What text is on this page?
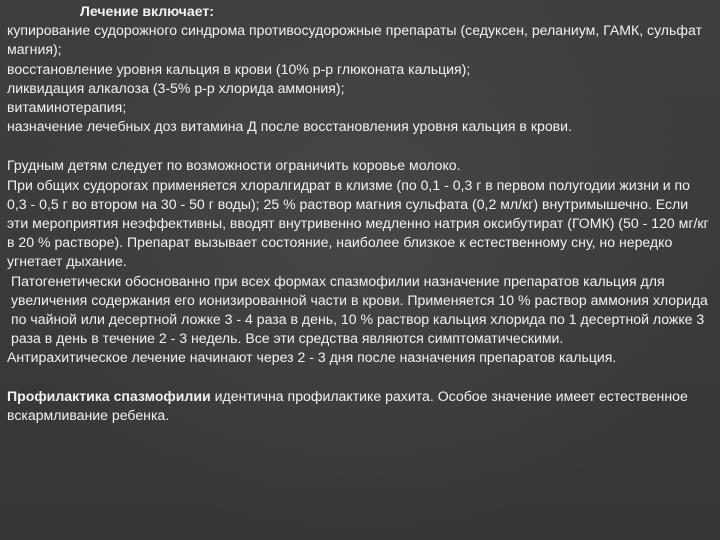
Лечение включает:

купирование судорожного синдрома противосудорожные препараты (седуксен, реланиум, ГАМК, сульфат магния);

восстановление уровня кальция в крови (10% р-р глюконата кальция);

ликвидация алкалоза (3-5% р-р хлорида аммония);

витаминотерапия;

назначение лечебных доз витамина Д после восстановления уровня кальция в крови.

Грудным детям следует по возможности ограничить коровье молоко.

При общих судорогах применяется хлоралгидрат в клизме (по 0,1 - 0,3 г в первом полугодии жизни и по 0,3 - 0,5 г во втором на 30 - 50 г воды); 25 % раствор магния сульфата (0,2 мл/кг) внутримышечно. Если эти мероприятия неэффективны, вводят внутривенно медленно натрия оксибутират (ГОМК) (50 - 120 мг/кг в 20 % растворе). Препарат вызывает состояние, наиболее близкое к естественному сну, но нередко угнетает дыхание.

Патогенетически обоснованно при всех формах спазмофилии назначение препаратов кальция для увеличения содержания его ионизированной части в крови. Применяется 10 % раствор аммония хлорида по чайной или десертной ложке 3 - 4 раза в день, 10 % раствор кальция хлорида по 1 десертной ложке 3 раза в день в течение 2 - 3 недель. Все эти средства являются симптоматическими.

Антирахитическое лечение начинают через 2 - 3 дня после назначения препаратов кальция.

Профилактика спазмофилии идентична профилактике рахита. Особое значение имеет естественное вскармливание ребенка.
